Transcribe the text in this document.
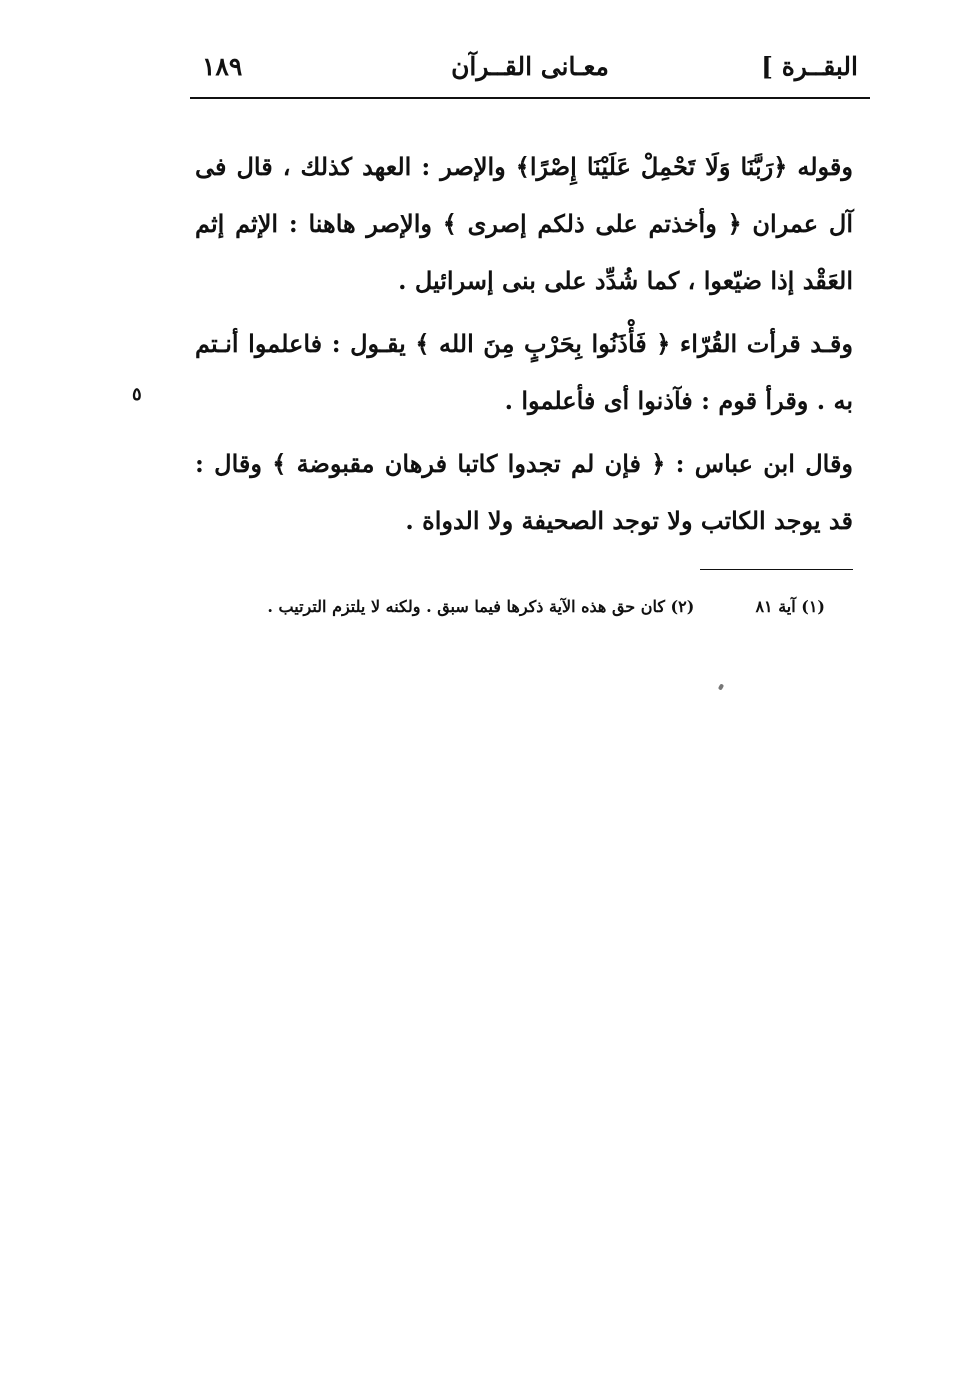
البقــرة ]
معـانى القــرآن
١٨٩

وقوله ﴿رَبَّنَا وَلَا تَحْمِلْ عَلَيْنَا إِصْرًا﴾ والإصر : العهد كذلك ، قال فى آل عمران ﴿ وأخذتم على ذلكم إصرى ﴾ والإصر هاهنا : الإثم إثم العَقْد إذا ضيّعوا ، كما شُدِّد على بنى إسرائيل .

وقـد قرأت القُرّاء ﴿ فَأْذَنُوا بِحَرْبٍ مِنَ الله ﴾ يقـول : فاعلموا أنـتم به . وقرأ قوم : فآذنوا أى فأعلموا .

وقال ابن عباس : ﴿ فإن لم تجدوا كاتبا فرهان مقبوضة ﴾ وقال : قد يوجد الكاتب ولا توجد الصحيفة ولا الدواة .

٥
(١) آية ٨١  (٢) كان حق هذه الآية ذكرها فيما سبق . ولكنه لا يلتزم الترتيب .
